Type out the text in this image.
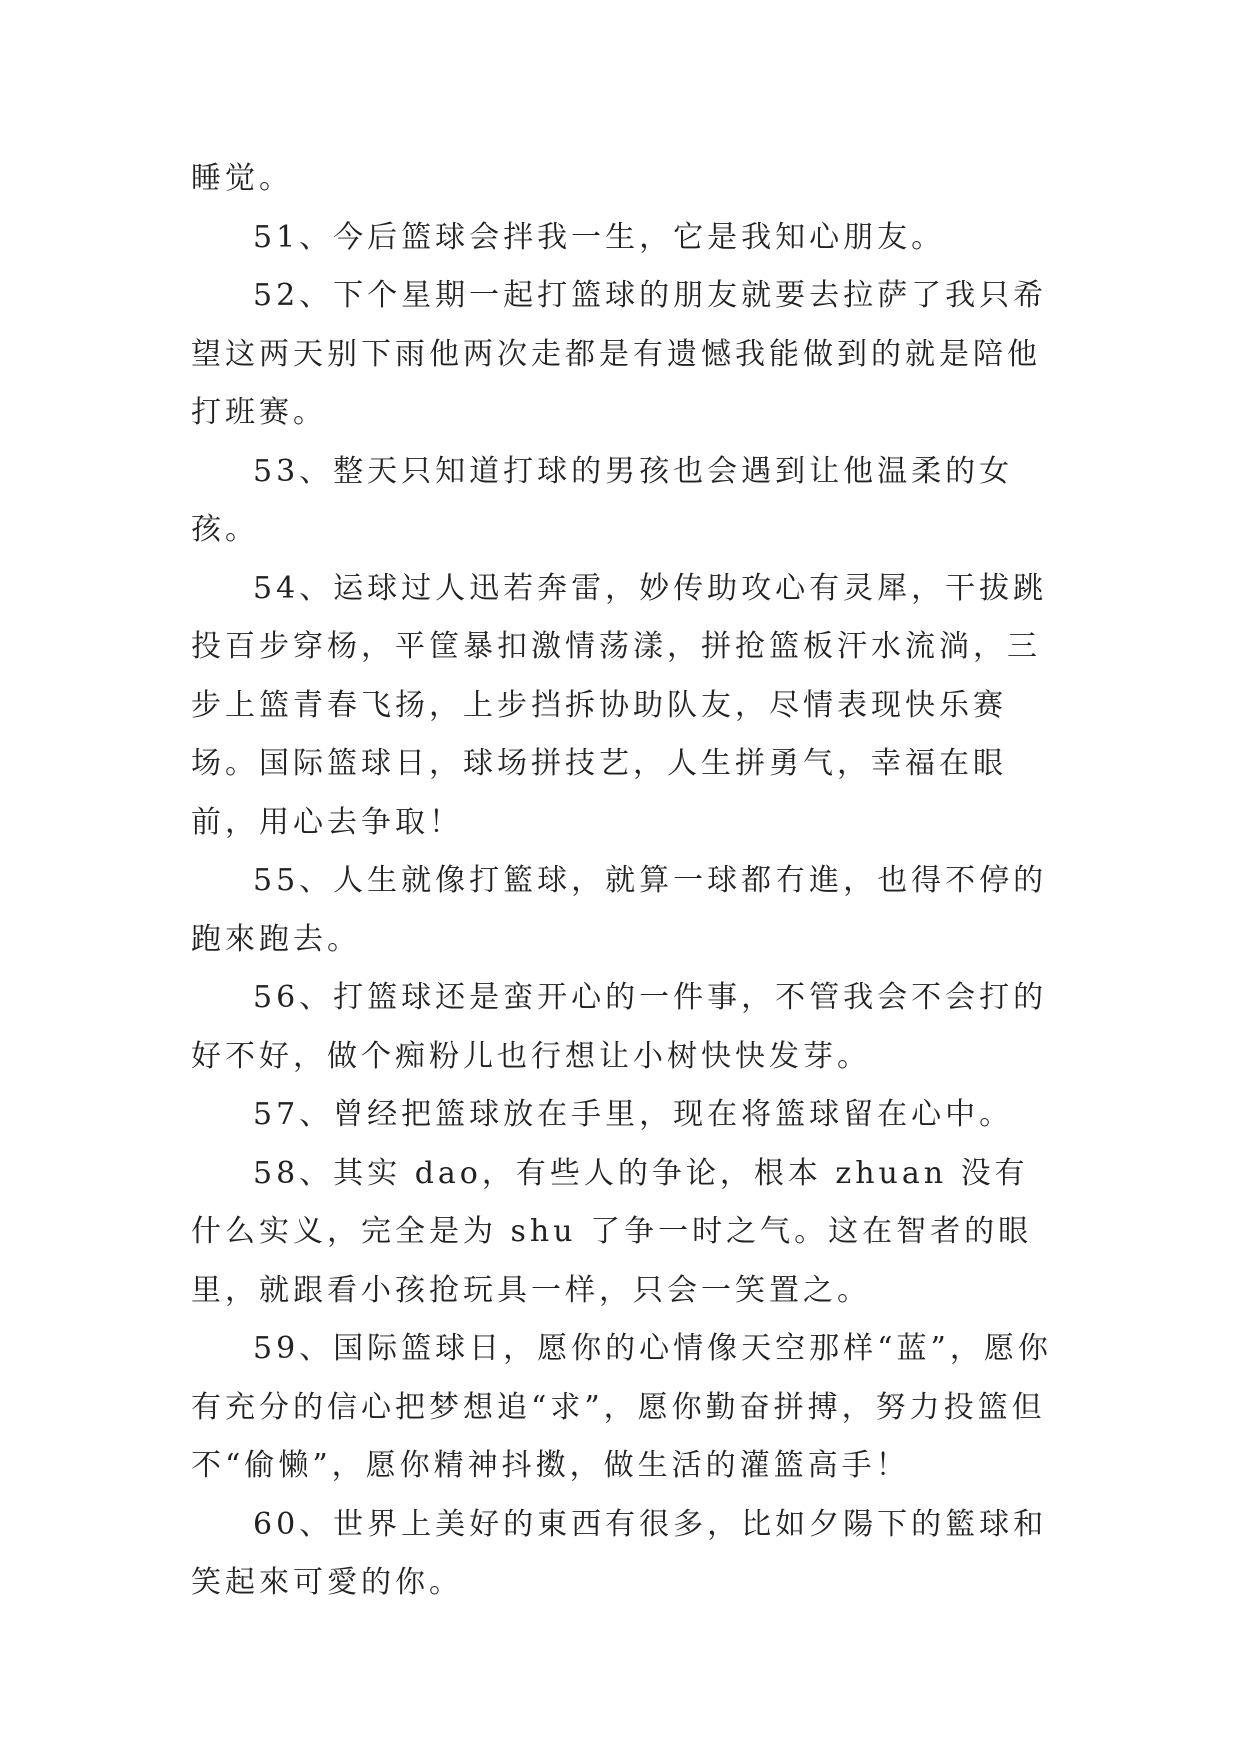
睡觉。

51、今后篮球会拌我一生，它是我知心朋友。

52、下个星期一起打篮球的朋友就要去拉萨了我只希望这两天别下雨他两次走都是有遗憾我能做到的就是陪他打班赛。

53、整天只知道打球的男孩也会遇到让他温柔的女孩。

54、运球过人迅若奔雷，妙传助攻心有灵犀，干拔跳投百步穿杨，平筐暴扣激情荡漾，拼抢篮板汗水流淌，三步上篮青春飞扬，上步挡拆协助队友，尽情表现快乐赛场。国际篮球日，球场拼技艺，人生拼勇气，幸福在眼前，用心去争取！

55、人生就像打籃球，就算一球都冇進，也得不停的跑來跑去。

56、打篮球还是蛮开心的一件事，不管我会不会打的好不好，做个痴粉儿也行想让小树快快发芽。

57、曾经把篮球放在手里，现在将篮球留在心中。

58、其实 dao，有些人的争论，根本 zhuan 没有什么实义，完全是为 shu 了争一时之气。这在智者的眼里，就跟看小孩抢玩具一样，只会一笑置之。

59、国际篮球日，愿你的心情像天空那样“蓝”，愿你有充分的信心把梦想追“求”，愿你勤奋拼搏，努力投篮但不“偷懒”，愿你精神抖擞，做生活的灌篮高手！

60、世界上美好的東西有很多，比如夕陽下的籃球和笑起來可愛的你。
